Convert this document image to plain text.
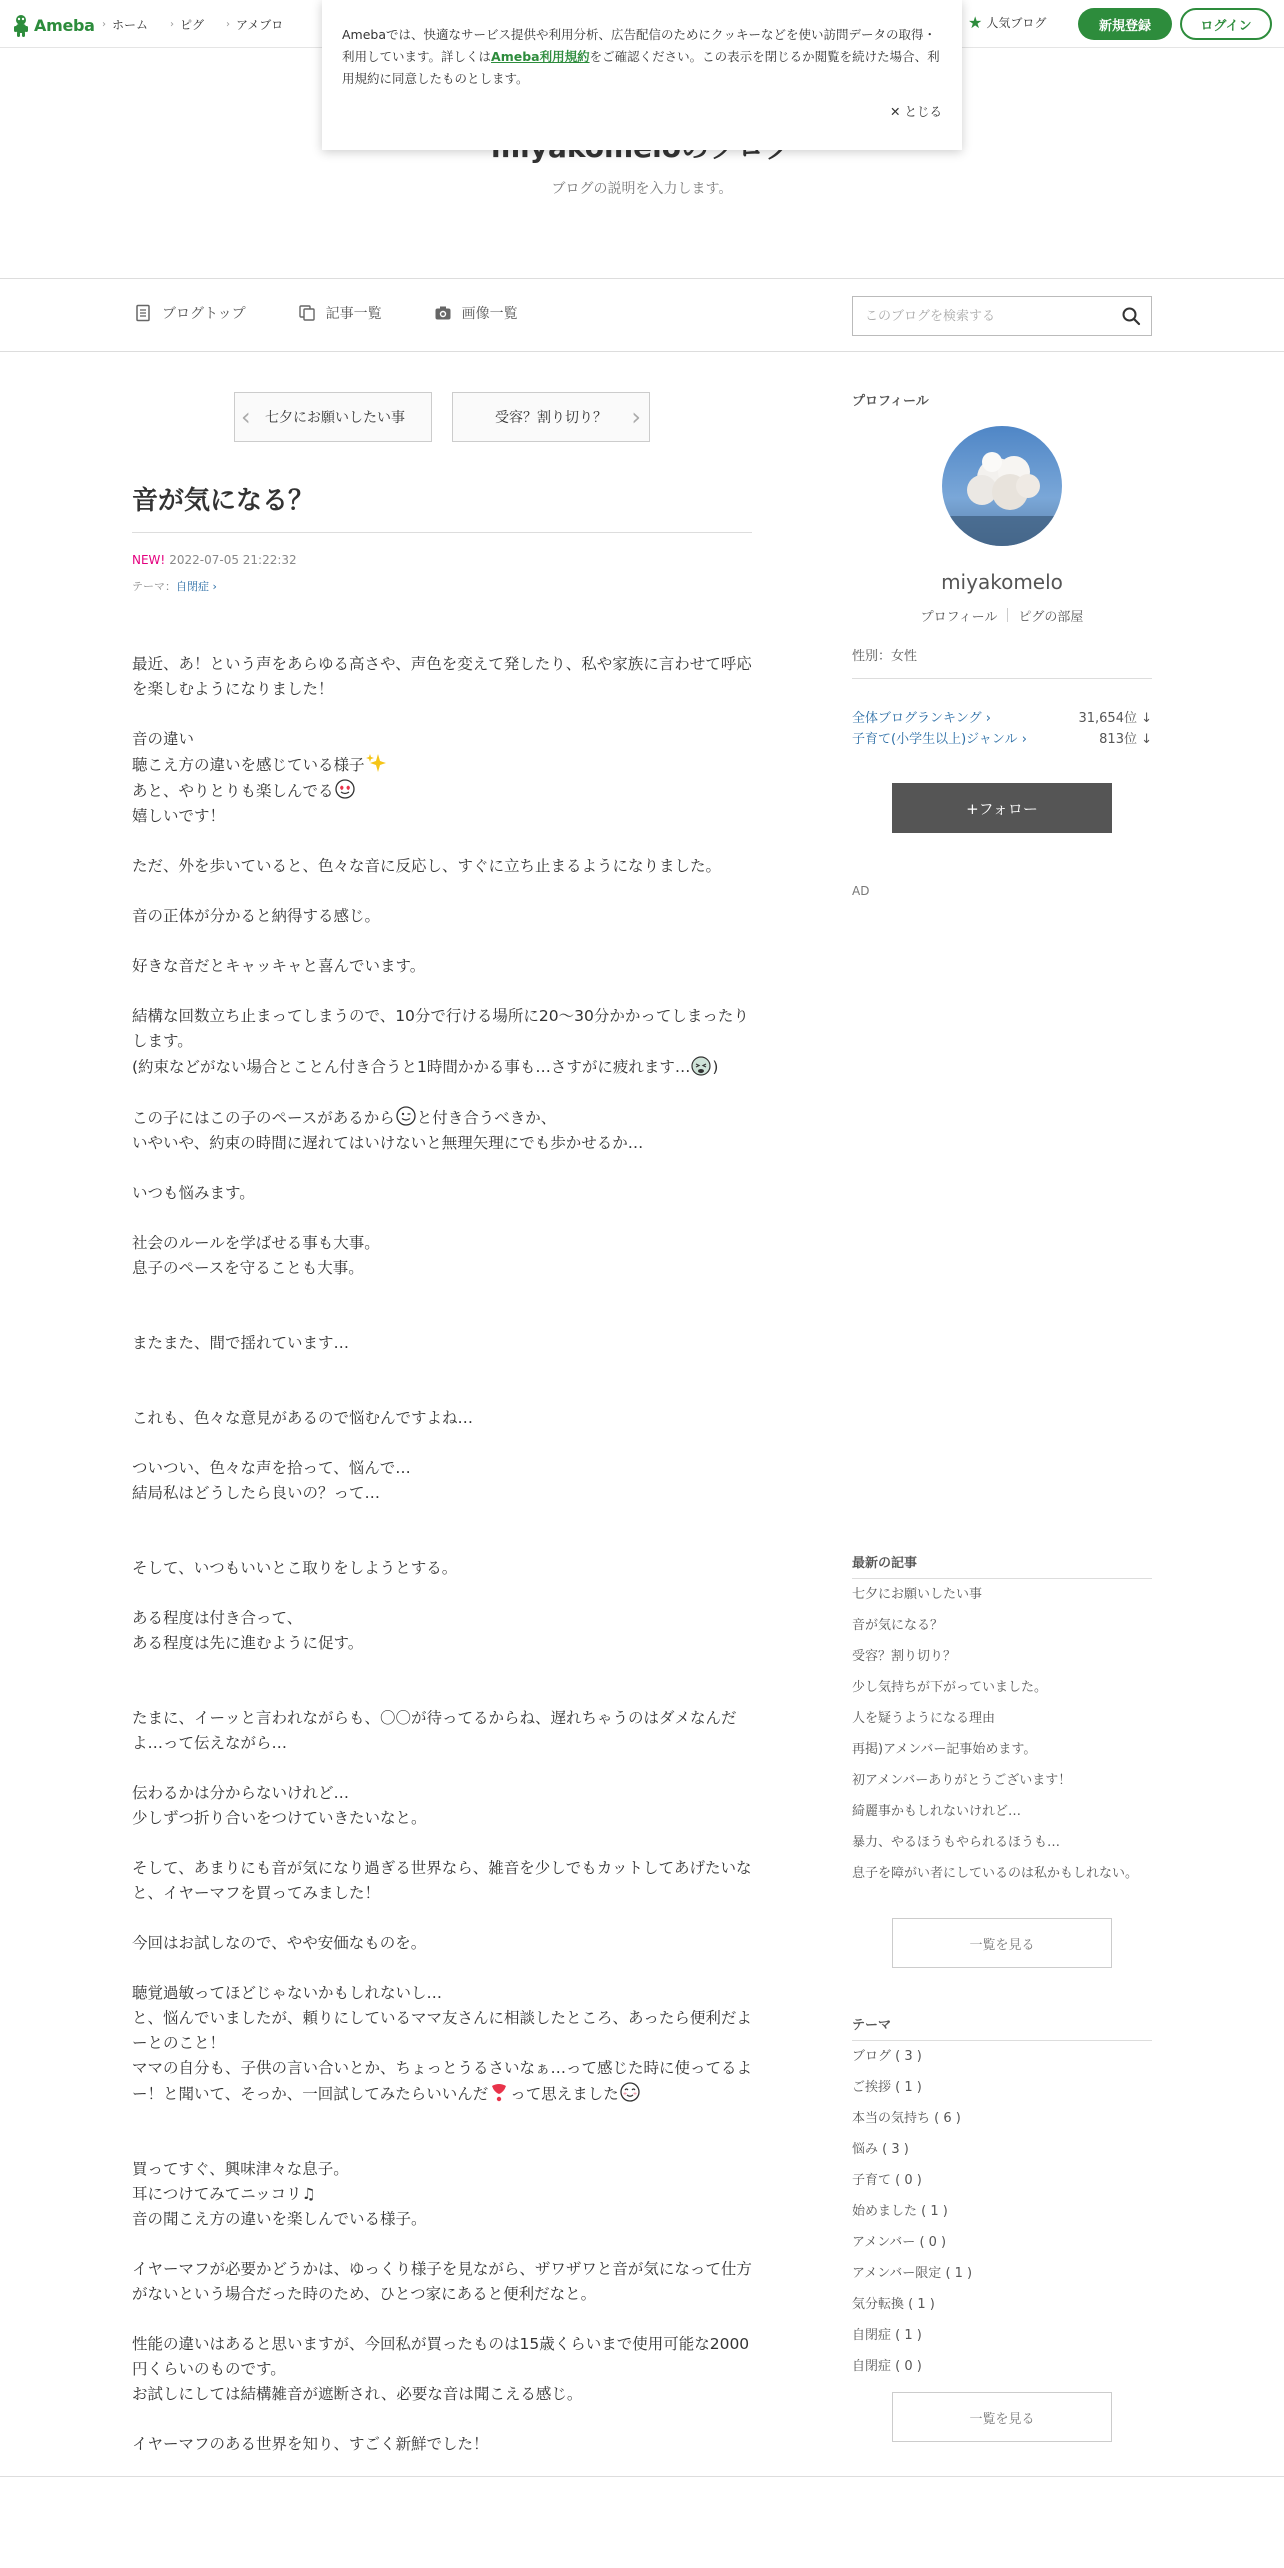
Ameba › ホーム › ピグ › アメブロ	★ 人気ブログ	新規登録	ログイン
ブログの説明を入力します。

Amebaでは、快適なサービス提供や利用分析、広告配信のためにクッキーなどを使い訪問データの取得・利用しています。詳しくはAmeba利用規約をご確認ください。この表示を閉じるか閲覧を続けた場合、利用規約に同意したものとします。

✕ とじる
ブログトップ	記事一覧	画像一覧
このブログを検索する
‹ 七夕にお願いしたい事	受容？割り切り？ ›
音が気になる？
NEW! 2022-07-05 21:22:32
テーマ：自閉症 ›

最近、あ！という声をあらゆる高さや、声色を変えて発したり、私や家族に言わせて呼応を楽しむようになりました！

音の違い
聴こえ方の違いを感じている様子
あと、やりとりも楽しんでる
嬉しいです！

ただ、外を歩いていると、色々な音に反応し、すぐに立ち止まるようになりました。

音の正体が分かると納得する感じ。

好きな音だとキャッキャと喜んでいます。

結構な回数立ち止まってしまうので、10分で行ける場所に20〜30分かかってしまったりします。
(約束などがない場合とことん付き合うと1時間かかる事も…さすがに疲れます… )

この子にはこの子のペースがあるから と付き合うべきか、
いやいや、約束の時間に遅れてはいけないと無理矢理にでも歩かせるか…

いつも悩みます。

社会のルールを学ばせる事も大事。
息子のペースを守ることも大事。

またまた、間で揺れています…

これも、色々な意見があるので悩むんですよね…

ついつい、色々な声を拾って、悩んで…
結局私はどうしたら良いの？って…

そして、いつもいいとこ取りをしようとする。

ある程度は付き合って、
ある程度は先に進むように促す。

たまに、イーッと言われながらも、〇〇が待ってるからね、遅れちゃうのはダメなんだよ…って伝えながら…

伝わるかは分からないけれど…
少しずつ折り合いをつけていきたいなと。

そして、あまりにも音が気になり過ぎる世界なら、雑音を少しでもカットしてあげたいなと、イヤーマフを買ってみました！

今回はお試しなので、やや安価なものを。

聴覚過敏ってほどじゃないかもしれないし…
と、悩んでいましたが、頼りにしているママ友さんに相談したところ、あったら便利だよーとのこと！
ママの自分も、子供の言い合いとか、ちょっとうるさいなぁ…って感じた時に使ってるよー！と聞いて、そっか、一回試してみたらいいんだ って思えました

買ってすぐ、興味津々な息子。
耳につけてみてニッコリ♫
音の聞こえ方の違いを楽しんでいる様子。

イヤーマフが必要かどうかは、ゆっくり様子を見ながら、ザワザワと音が気になって仕方がないという場合だった時のため、ひとつ家にあると便利だなと。

性能の違いはあると思いますが、今回私が買ったものは15歳くらいまで使用可能な2000円くらいのものです。
お試しにしては結構雑音が遮断され、必要な音は聞こえる感じ。

イヤーマフのある世界を知り、すごく新鮮でした！

プロフィール
miyakomelo
プロフィール ピグの部屋
性別：女性
全体ブログランキング ›	31,654位 ↓
子育て(小学生以上)ジャンル ›	813位 ↓
+フォロー
AD
最新の記事
七夕にお願いしたい事
音が気になる？
受容？割り切り？
少し気持ちが下がっていました。
人を疑うようになる理由
再掲)アメンバー記事始めます。
初アメンバーありがとうございます！
綺麗事かもしれないけれど…
暴力、やるほうもやられるほうも…
息子を障がい者にしているのは私かもしれない。
一覧を見る
テーマ
ブログ ( 3 )
ご挨拶 ( 1 )
本当の気持ち ( 6 )
悩み ( 3 )
子育て ( 0 )
始めました ( 1 )
アメンバー ( 0 )
アメンバー限定 ( 1 )
気分転換 ( 1 )
自閉症 ( 1 )
自閉症 ( 0 )
一覧を見る
